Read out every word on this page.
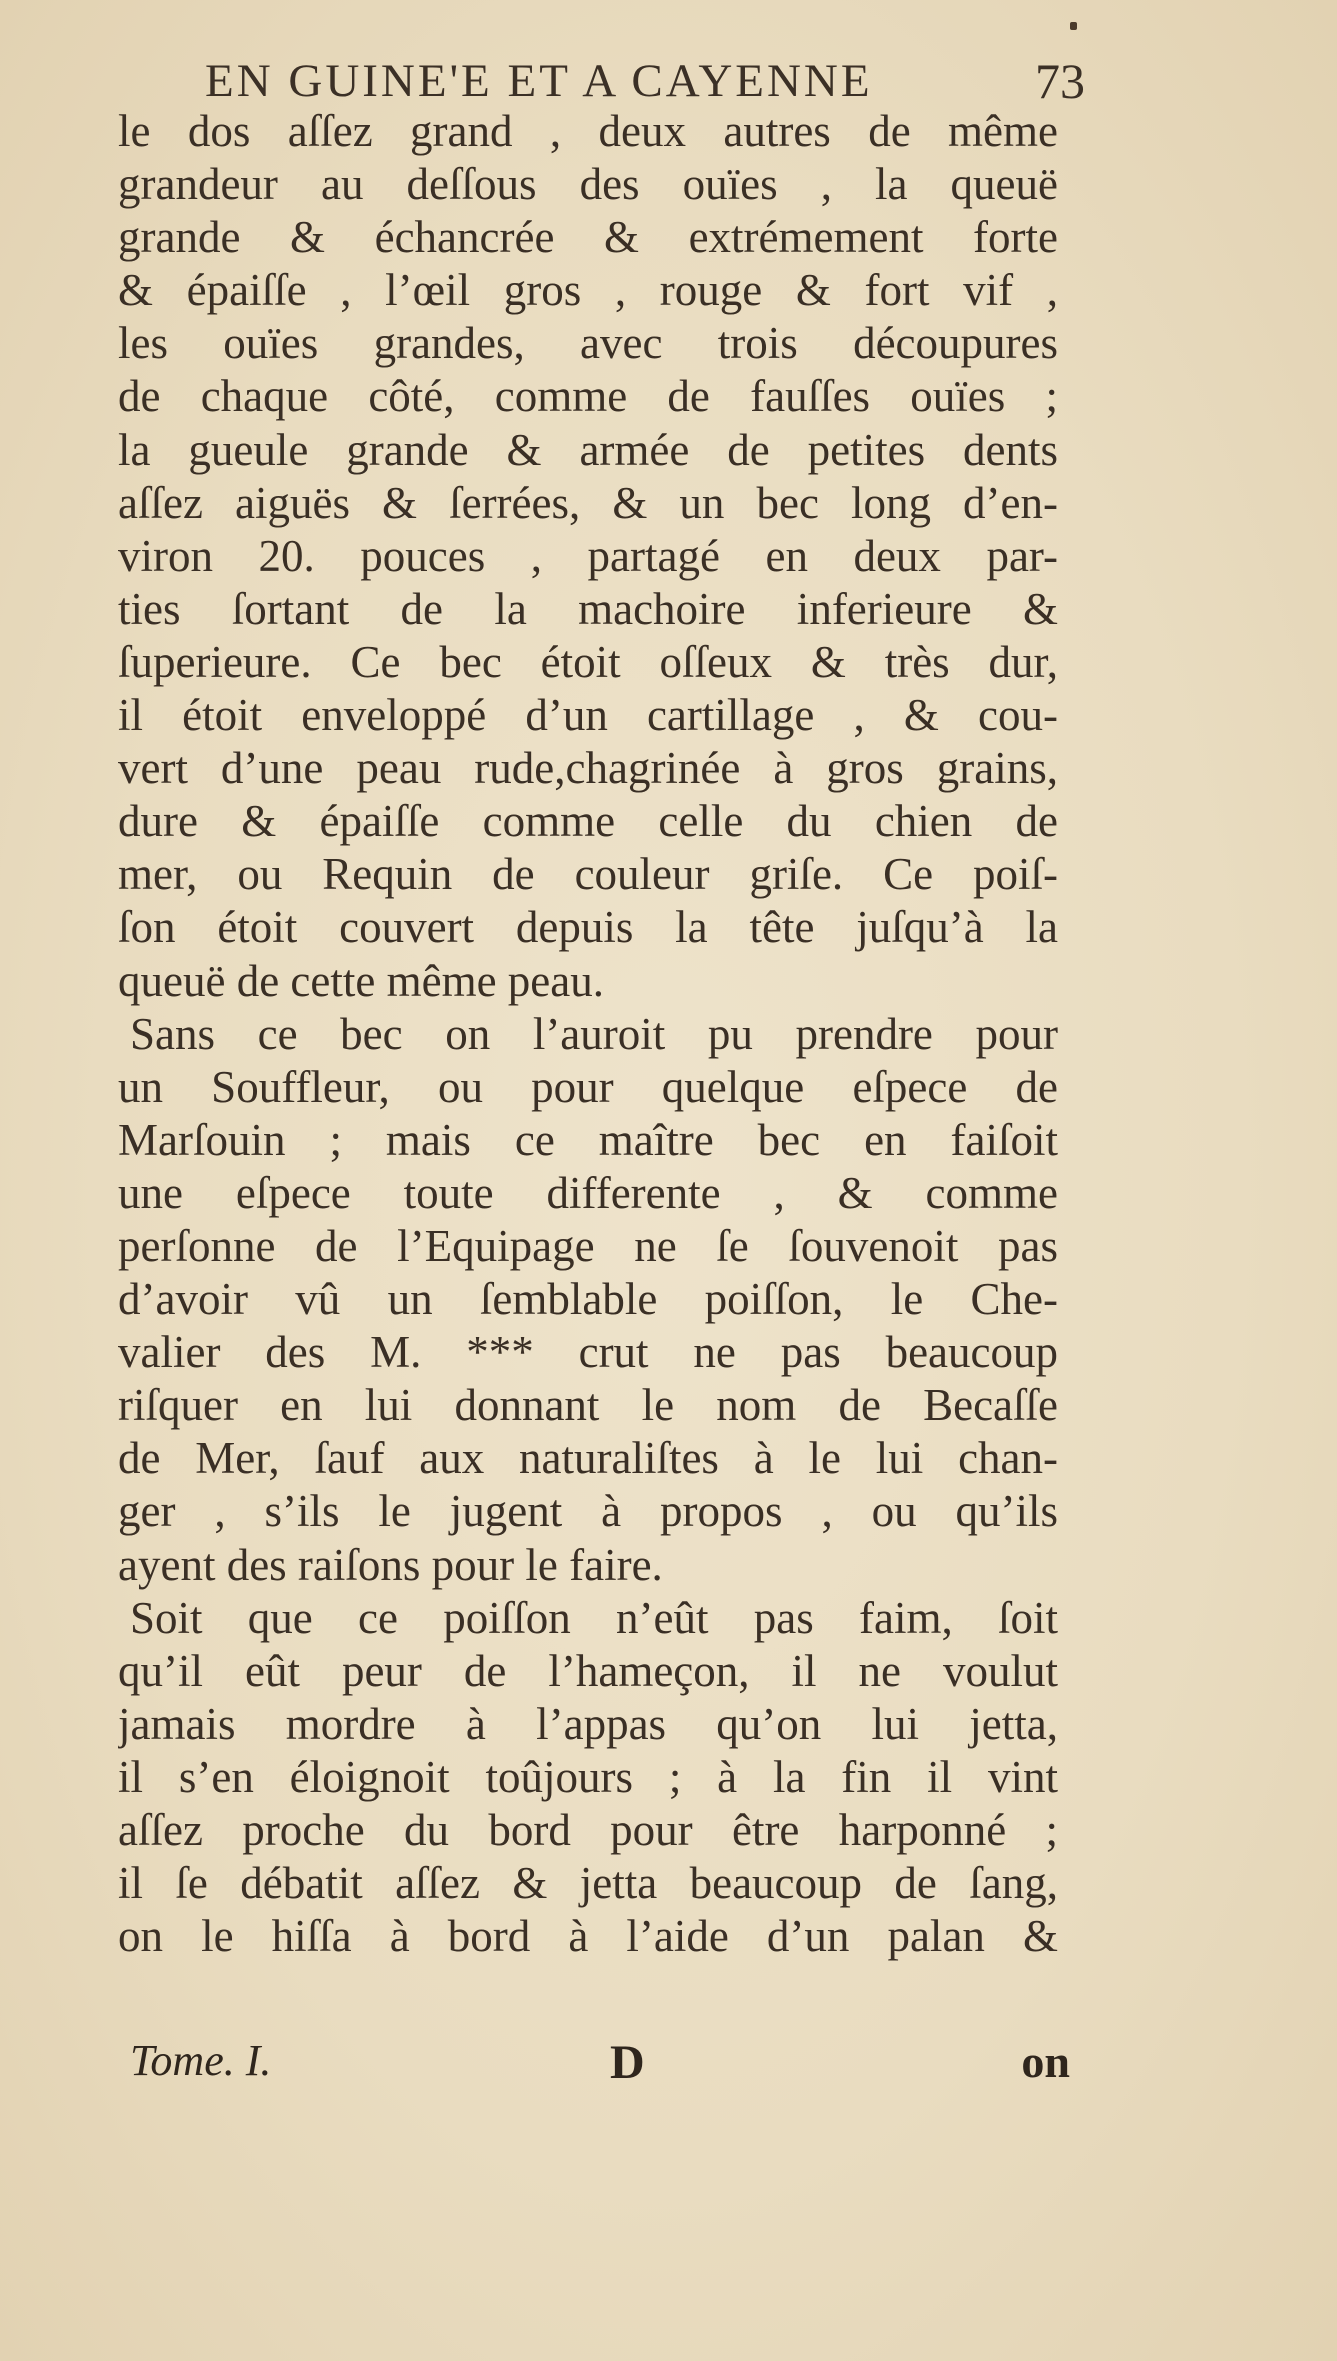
EN GUINE'E ET A CAYENNE	73
le dos aſſez grand , deux autres de même
grandeur au deſſous des ouïes , la queuë
grande & échancrée & extrémement forte
& épaiſſe , l’œil gros , rouge & fort vif ,
les ouïes grandes, avec trois découpures
de chaque côté, comme de fauſſes ouïes ;
la gueule grande & armée de petites dents
aſſez aiguës & ſerrées, & un bec long d’en-
viron 20. pouces , partagé en deux par-
ties ſortant de la machoire inferieure &
ſuperieure. Ce bec étoit oſſeux & très dur,
il étoit enveloppé d’un cartillage , & cou-
vert d’une peau rude,chagrinée à gros grains,
dure & épaiſſe comme celle du chien de
mer, ou Requin de couleur griſe. Ce poiſ-
ſon étoit couvert depuis la tête juſqu’à la
queuë de cette même peau.
Sans ce bec on l’auroit pu prendre pour
un Souffleur, ou pour quelque eſpece de
Marſouin ; mais ce maître bec en faiſoit
une eſpece toute differente , & comme
perſonne de l’Equipage ne ſe ſouvenoit pas
d’avoir vû un ſemblable poiſſon, le Che-
valier des M. *** crut ne pas beaucoup
riſquer en lui donnant le nom de Becaſſe
de Mer, ſauf aux naturaliſtes à le lui chan-
ger , s’ils le jugent à propos , ou qu’ils
ayent des raiſons pour le faire.
Soit que ce poiſſon n’eût pas faim, ſoit
qu’il eût peur de l’hameçon, il ne voulut
jamais mordre à l’appas qu’on lui jetta,
il s’en éloignoit toûjours ; à la fin il vint
aſſez proche du bord pour être harponné ;
il ſe débatit aſſez & jetta beaucoup de ſang,
on le hiſſa à bord à l’aide d’un palan &
Tome. I.	D	on
